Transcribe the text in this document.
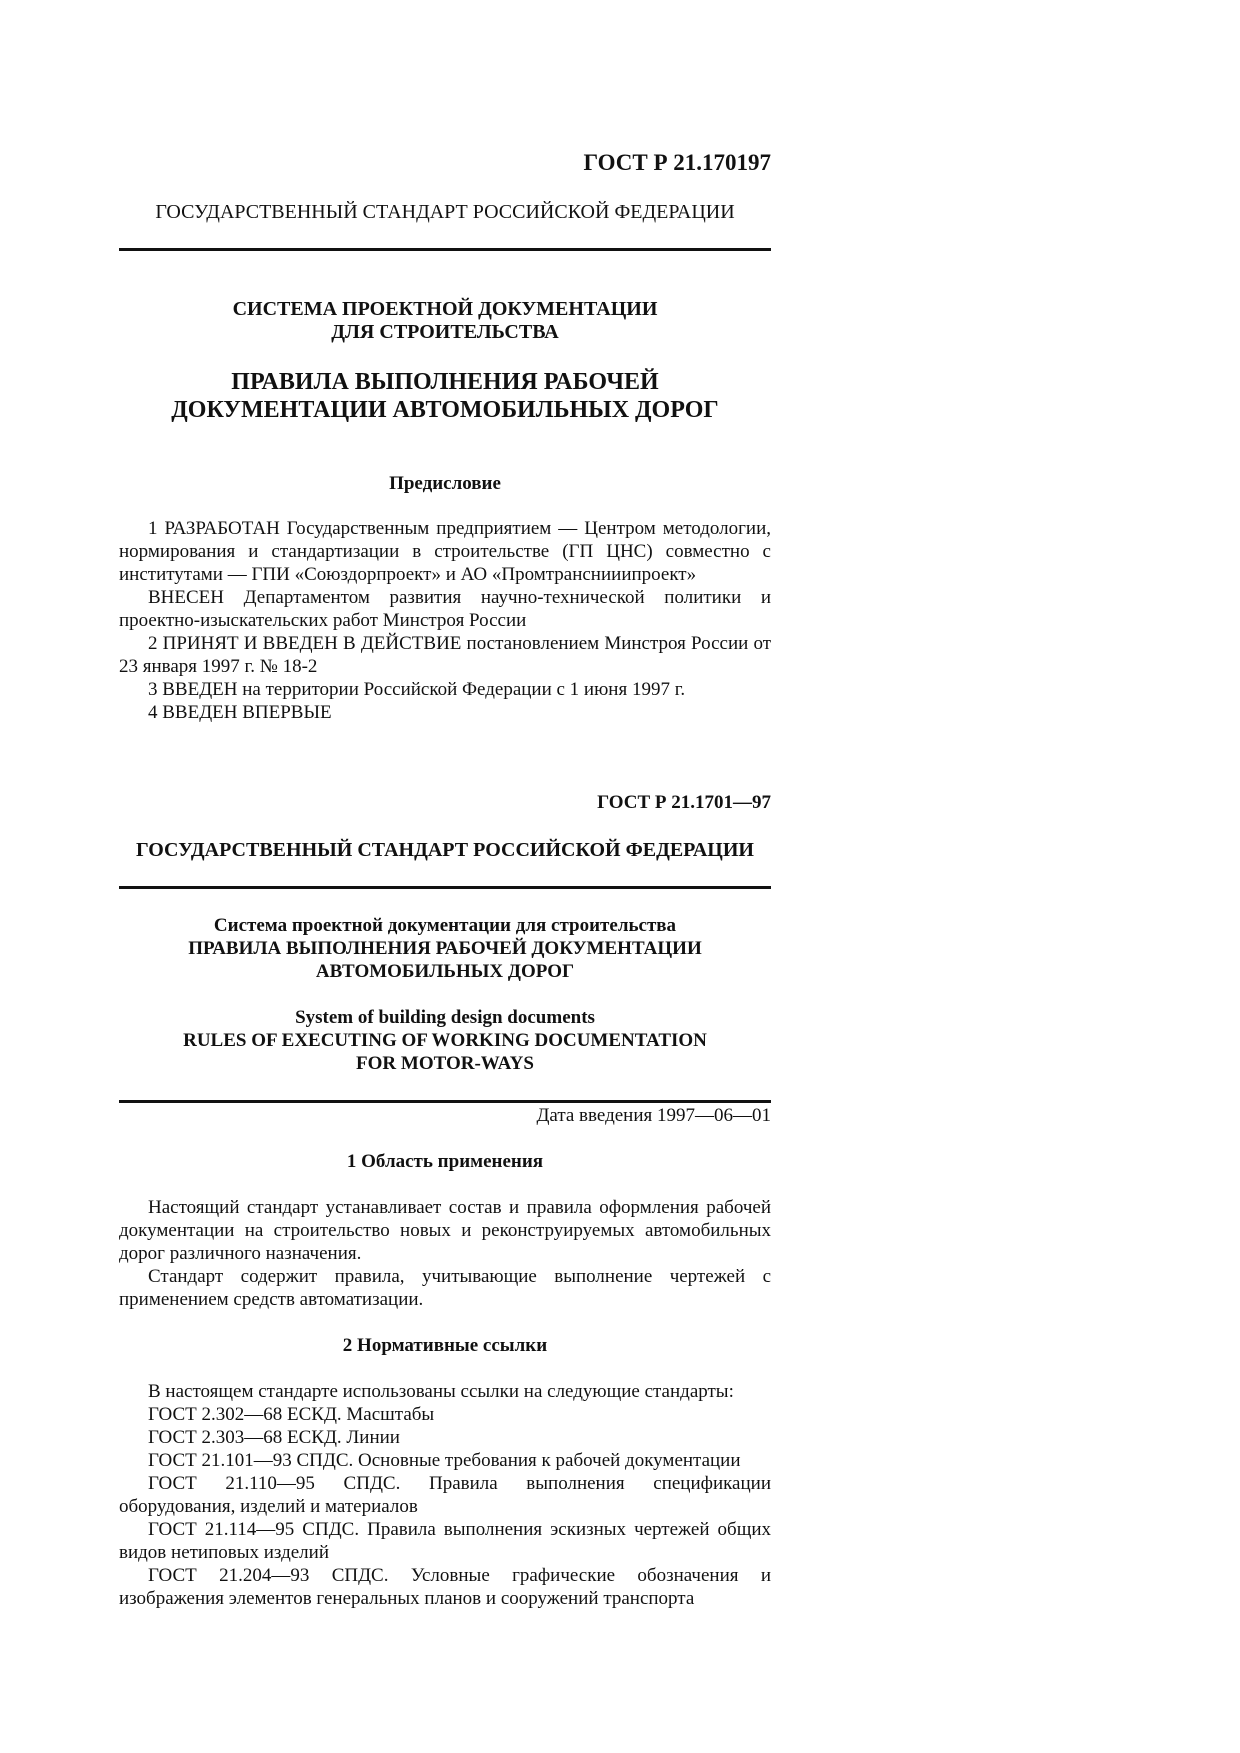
ГОСТ Р 21.170197
ГОСУДАРСТВЕННЫЙ СТАНДАРТ РОССИЙСКОЙ ФЕДЕРАЦИИ
СИСТЕМА ПРОЕКТНОЙ ДОКУМЕНТАЦИИ
ДЛЯ СТРОИТЕЛЬСТВА
ПРАВИЛА ВЫПОЛНЕНИЯ РАБОЧЕЙ
ДОКУМЕНТАЦИИ АВТОМОБИЛЬНЫХ ДОРОГ
Предисловие

1 РАЗРАБОТАН Государственным предприятием — Центром методологии, нормирования и стандартизации в строительстве (ГП ЦНС) совместно с институтами — ГПИ «Союздорпроект» и АО «Промтранснииипроект»

ВНЕСЕН Департаментом развития научно-технической политики и проектно-изыскательских работ Минстроя России

2 ПРИНЯТ И ВВЕДЕН В ДЕЙСТВИЕ постановлением Минстроя России от 23 января 1997 г. № 18-2

3 ВВЕДЕН на территории Российской Федерации с 1 июня 1997 г.

4 ВВЕДЕН ВПЕРВЫЕ

ГОСТ Р 21.1701—97
ГОСУДАРСТВЕННЫЙ СТАНДАРТ РОССИЙСКОЙ ФЕДЕРАЦИИ
Система проектной документации для строительства
ПРАВИЛА ВЫПОЛНЕНИЯ РАБОЧЕЙ ДОКУМЕНТАЦИИ
АВТОМОБИЛЬНЫХ ДОРОГ
System of building design documents
RULES OF EXECUTING OF WORKING DOCUMENTATION
FOR MOTOR-WAYS
Дата введения 1997—06—01
1 Область применения

Настоящий стандарт устанавливает состав и правила оформления рабочей документации на строительство новых и реконструируемых автомобильных дорог различного назначения.

Стандарт содержит правила, учитывающие выполнение чертежей с применением средств автоматизации.

2 Нормативные ссылки

В настоящем стандарте использованы ссылки на следующие стандарты:

ГОСТ 2.302—68 ЕСКД. Масштабы

ГОСТ 2.303—68 ЕСКД. Линии

ГОСТ 21.101—93 СПДС. Основные требования к рабочей документации

ГОСТ 21.110—95 СПДС. Правила выполнения спецификации оборудования, изделий и материалов

ГОСТ 21.114—95 СПДС. Правила выполнения эскизных чертежей общих видов нетиповых изделий

ГОСТ 21.204—93 СПДС. Условные графические обозначения и изображения элементов генеральных планов и сооружений транспорта
